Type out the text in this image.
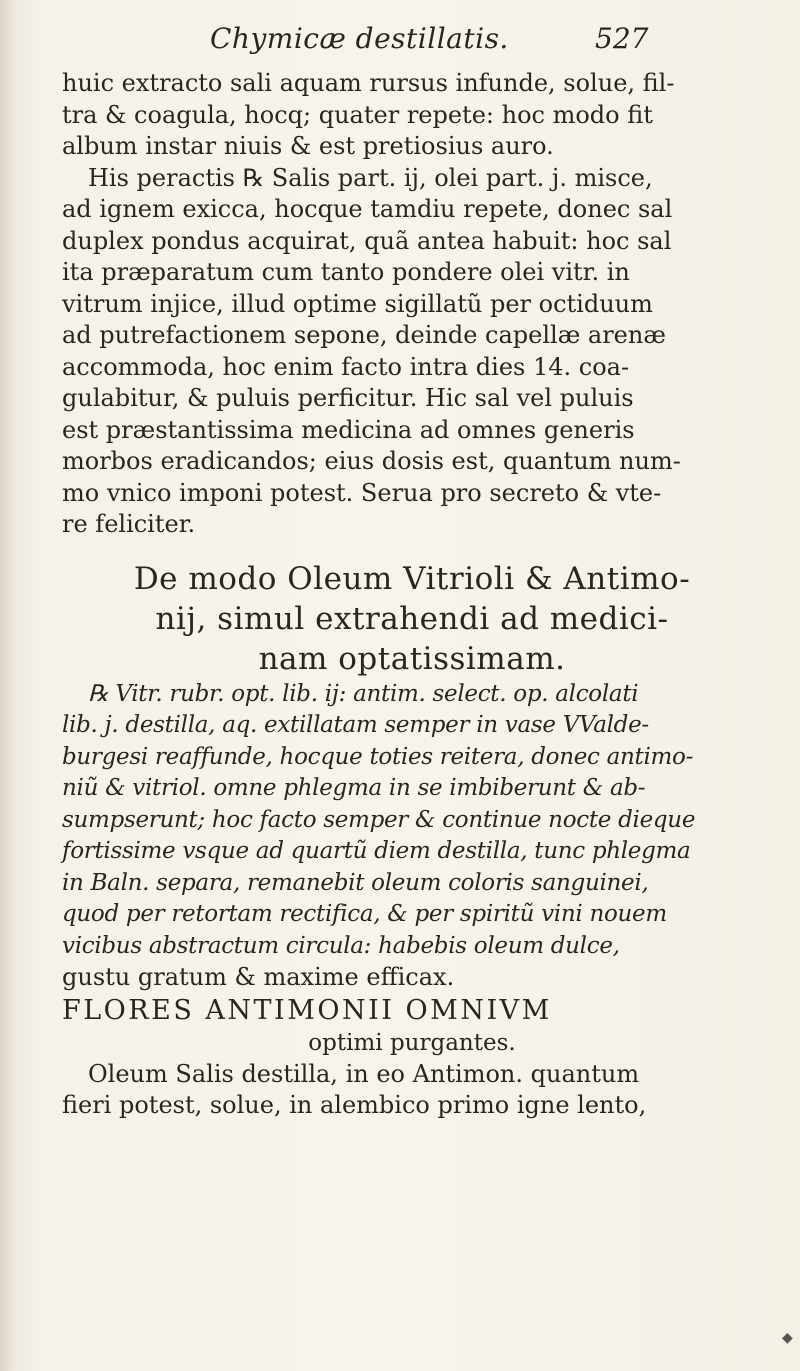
Chymicæ destillatis.	527
huic extracto sali aquam rursus infunde, solue, fil-
tra & coagula, hocq; quater repete: hoc modo fit
album instar niuis & est pretiosius auro.
His peractis ℞ Salis part. ij, olei part. j. misce,
ad ignem exicca, hocque tamdiu repete, donec sal
duplex pondus acquirat, quã antea habuit: hoc sal
ita præparatum cum tanto pondere olei vitr. in
vitrum injice, illud optime sigillatũ per octiduum
ad putrefactionem sepone, deinde capellæ arenæ
accommoda, hoc enim facto intra dies 14. coa-
gulabitur, & puluis perficitur. Hic sal vel puluis
est præstantissima medicina ad omnes generis
morbos eradicandos; eius dosis est, quantum num-
mo vnico imponi potest. Serua pro secreto & vte-
re feliciter.
De modo Oleum Vitrioli & Antimo-
nij, simul extrahendi ad medici-
nam optatissimam.
℞ Vitr. rubr. opt. lib. ij: antim. select. op. alcolati
lib. j. destilla, aq. extillatam semper in vase VValde-
burgesi reaffunde, hocque toties reitera, donec antimo-
niũ & vitriol. omne phlegma in se imbiberunt & ab-
sumpserunt; hoc facto semper & continue nocte dieque
fortissime vsque ad quartũ diem destilla, tunc phlegma
in Baln. separa, remanebit oleum coloris sanguinei,
quod per retortam rectifica, & per spiritũ vini nouem
vicibus abstractum circula: habebis oleum dulce,
gustu gratum & maxime efficax.
FLORES ANTIMONII OMNIVM
optimi purgantes.
Oleum Salis destilla, in eo Antimon. quantum
fieri potest, solue, in alembico primo igne lento,
◆
